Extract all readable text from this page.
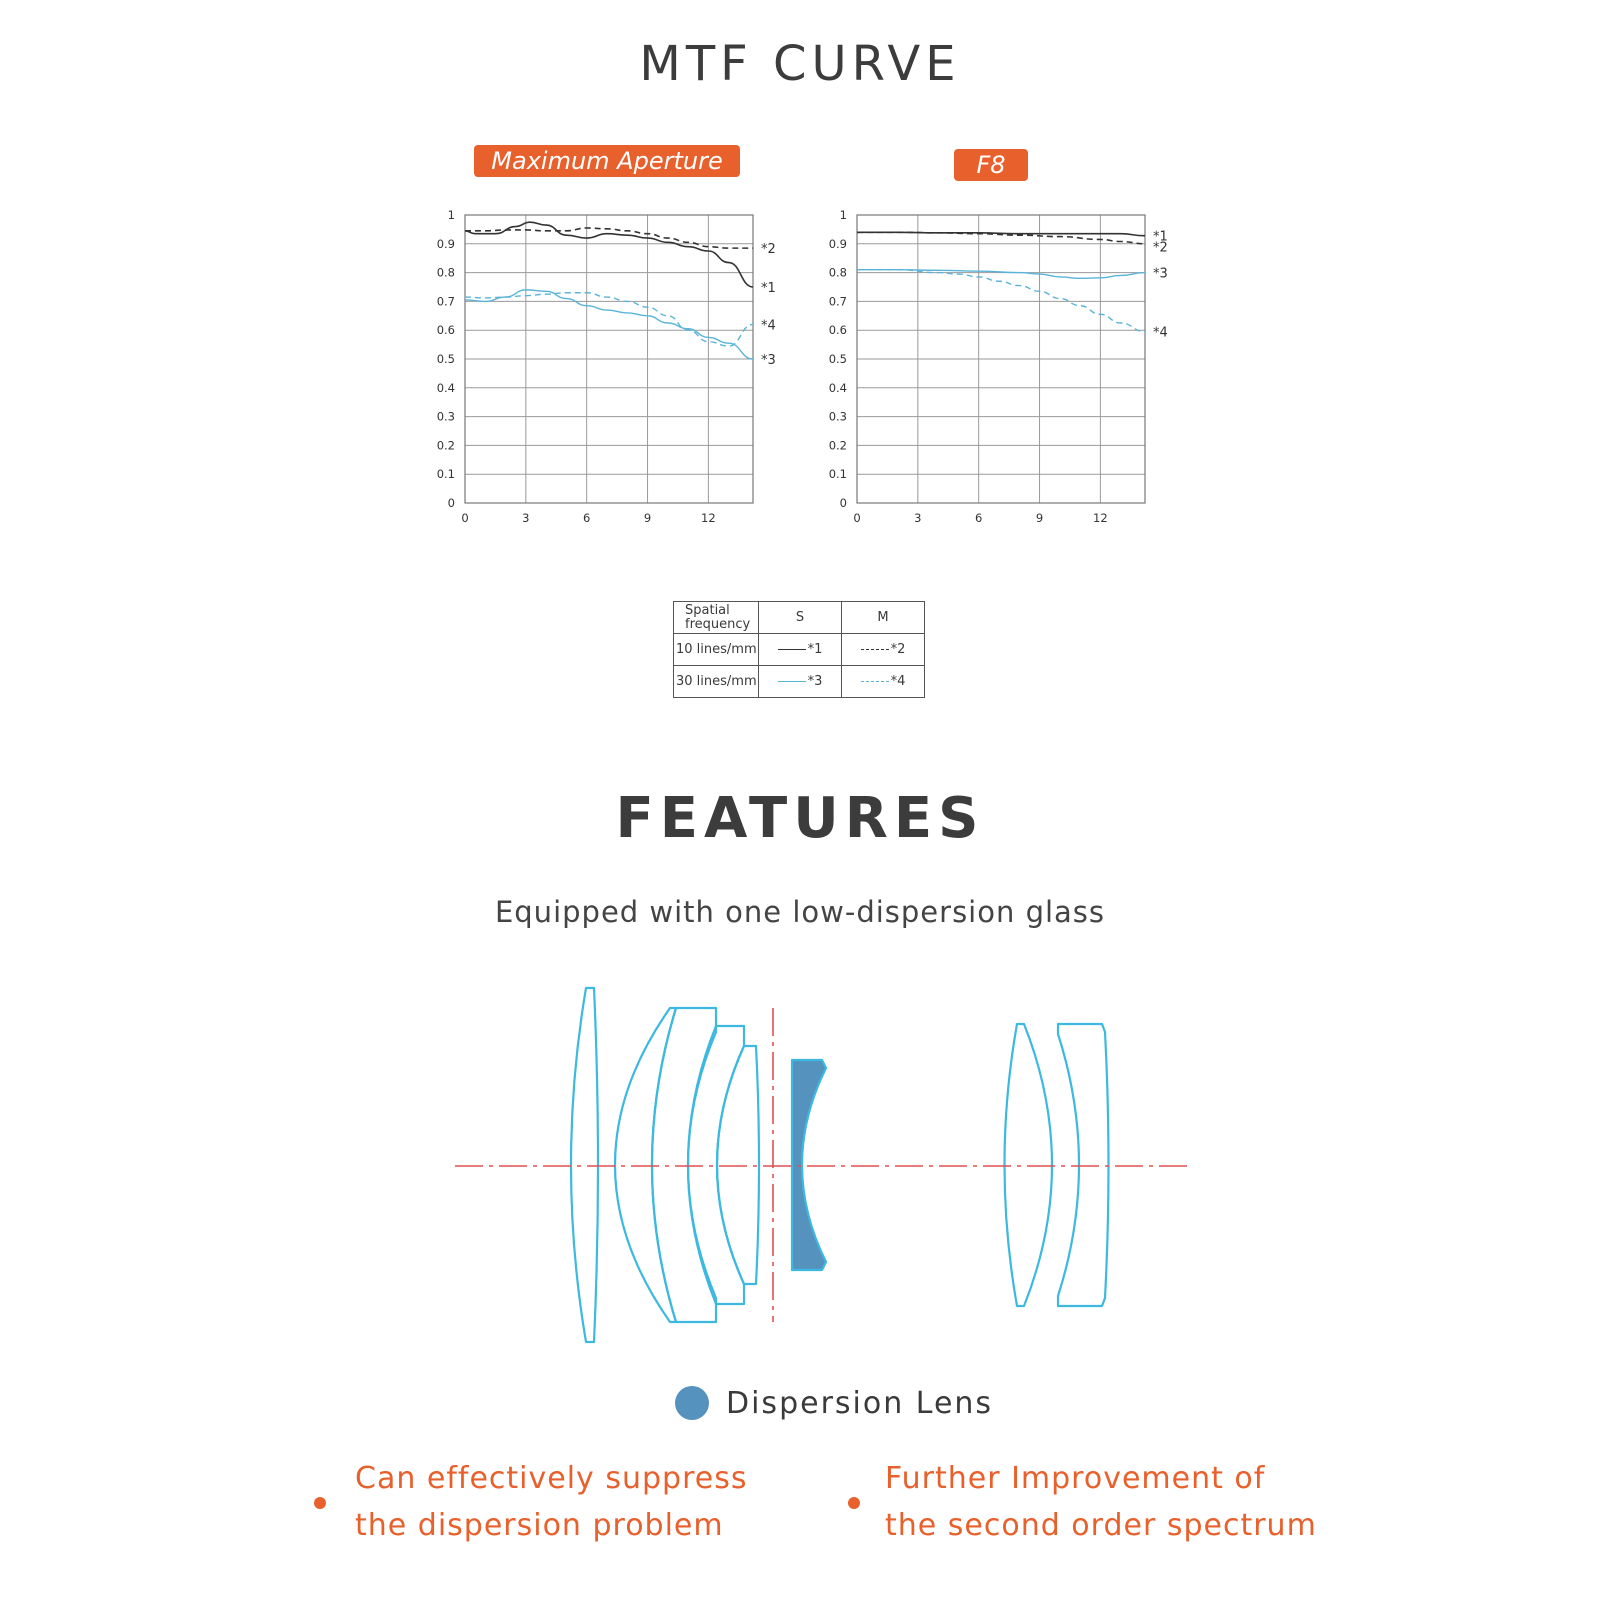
MTF CURVE
Maximum Aperture	F8
0
0.1
0.2
0.3
0.4
0.5
0.6
0.7
0.8
0.9
1
0	3	6	9	12
*2
*1
*4
*3
0
0.1
0.2
0.3
0.4
0.5
0.6
0.7
0.8
0.9
1
0	3	6	9	12
*1
*2
*3
*4
Spatial frequency	S	M
10 lines/mm	*1	*2
30 lines/mm	*3	*4
FEATURES
Equipped with one low-dispersion glass
Dispersion Lens
Can effectively suppress
the dispersion problem
Further Improvement of
the second order spectrum
